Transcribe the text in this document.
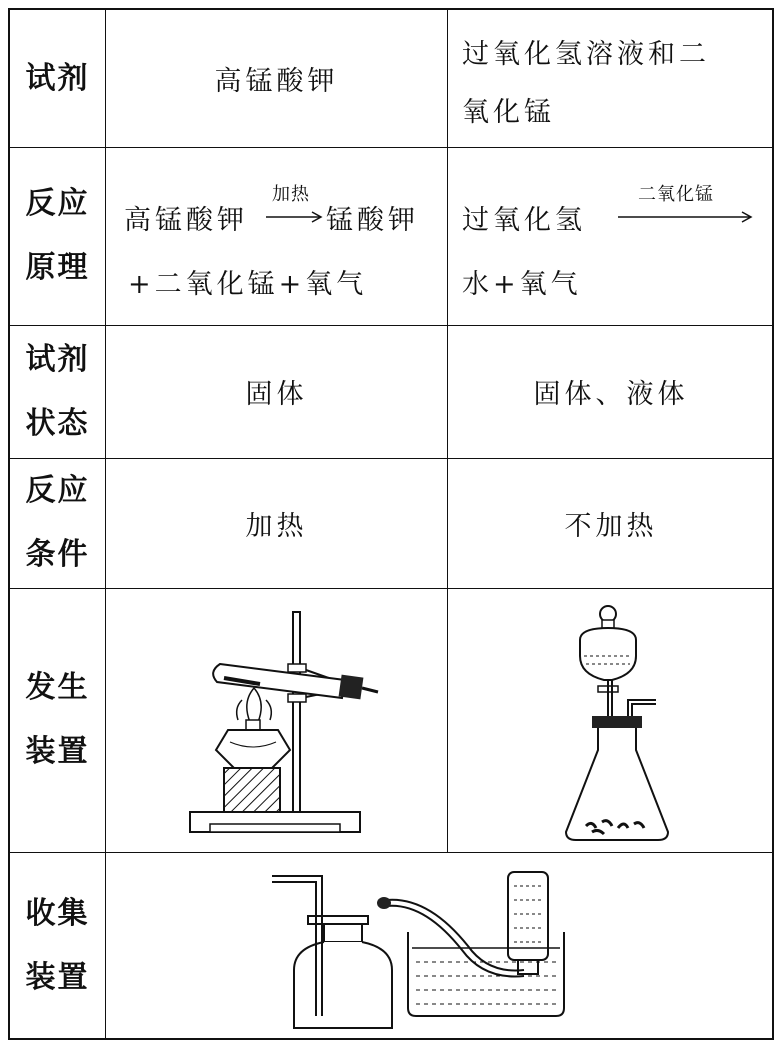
试剂
反应
原理
试剂
状态
反应
条件
发生
装置
收集
装置
高锰酸钾
过氧化氢溶液和二
氧化锰
高锰酸钾
加热
→ 锰酸钾
+二氧化锰+氧气
过氧化氢
二氧化锰
水+氧气
固体	固体、液体
加热	不加热
